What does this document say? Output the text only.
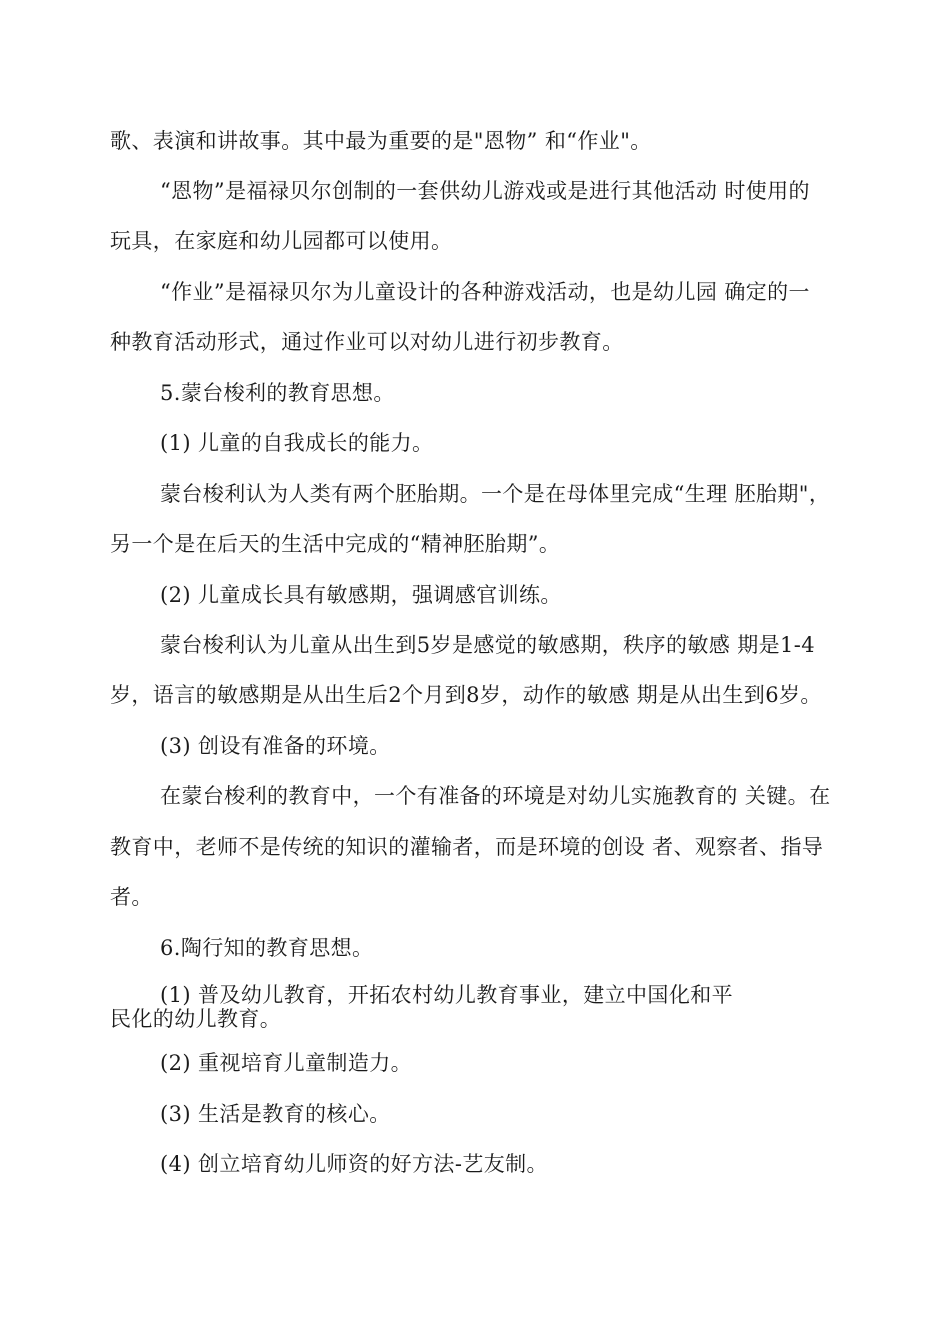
歌、表演和讲故事。其中最为重要的是"恩物” 和“作业"。
“恩物”是福禄贝尔创制的一套供幼儿游戏或是进行其他活动 时使用的
玩具，在家庭和幼儿园都可以使用。
“作业”是福禄贝尔为儿童设计的各种游戏活动，也是幼儿园 确定的一
种教育活动形式，通过作业可以对幼儿进行初步教育。
5.蒙台梭利的教育思想。
(1) 儿童的自我成长的能力。
蒙台梭利认为人类有两个胚胎期。一个是在母体里完成“生理 胚胎期"，
另一个是在后天的生活中完成的“精神胚胎期”。
(2) 儿童成长具有敏感期，强调感官训练。
蒙台梭利认为儿童从出生到5岁是感觉的敏感期，秩序的敏感 期是1-4
岁，语言的敏感期是从出生后2个月到8岁，动作的敏感 期是从出生到6岁。
(3) 创设有准备的环境。
在蒙台梭利的教育中，一个有准备的环境是对幼儿实施教育的 关键。在
教育中，老师不是传统的知识的灌输者，而是环境的创设 者、观察者、指导
者。
6.陶行知的教育思想。
(1) 普及幼儿教育，开拓农村幼儿教育事业，建立中国化和平
民化的幼儿教育。
(2) 重视培育儿童制造力。
(3) 生活是教育的核心。
(4) 创立培育幼儿师资的好方法-艺友制。
